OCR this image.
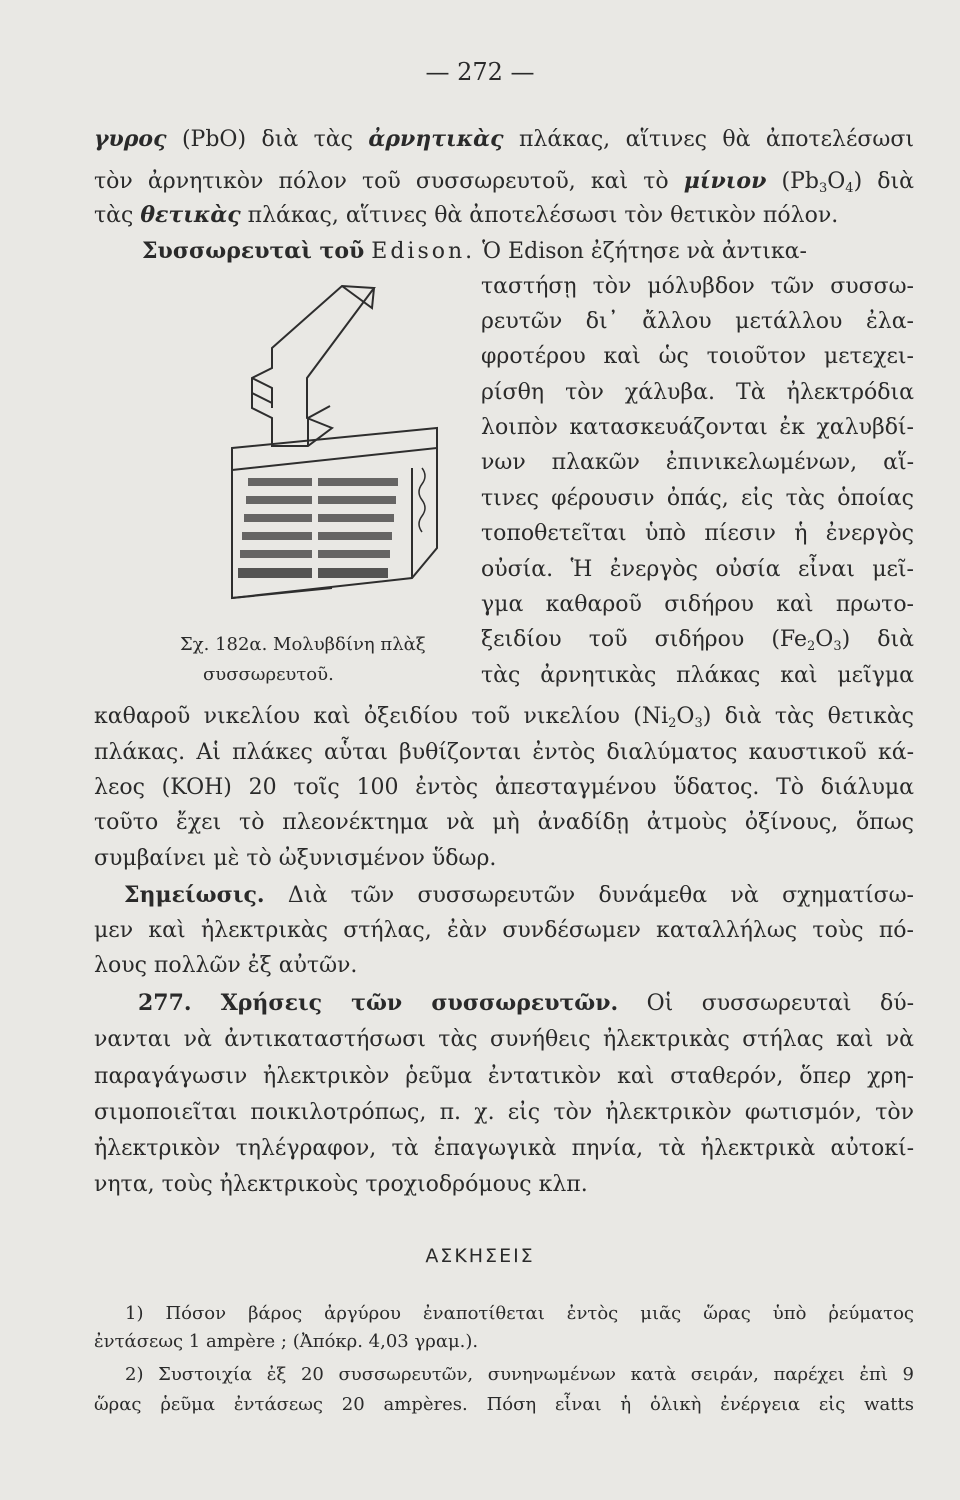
— 272 —
γυρος (PbO) διὰ τὰς ἀρνητικὰς πλάκας, αἵτινες θὰ ἀποτελέσωσι
τὸν ἀρνητικὸν πόλον τοῦ συσσωρευτοῦ, καὶ τὸ μίνιον $(Pb_3O_4)$ διὰ
τὰς θετικὰς πλάκας, αἵτινες θὰ ἀποτελέσωσι τὸν θετικὸν πόλον.
Συσσωρευταὶ τοῦ Edison. Ὁ Edison ἐζήτησε νὰ ἀντικα-
Σχ. 182α. Μολυβδίνη πλὰξ
συσσωρευτοῦ.
ταστήσῃ τὸν μόλυβδον τῶν συσσω-
ρευτῶν δι᾿ ἄλλου μετάλλου ἐλα-
φροτέρου καὶ ὡς τοιοῦτον μετεχει-
ρίσθη τὸν χάλυβα. Τὰ ἠλεκτρόδια
λοιπὸν κατασκευάζονται ἐκ χαλυβδί-
νων πλακῶν ἐπινικελωμένων, αἵ-
τινες φέρουσιν ὀπάς, εἰς τὰς ὁποίας
τοποθετεῖται ὑπὸ πίεσιν ἡ ἐνεργὸς
οὐσία. Ἡ ἐνεργὸς οὐσία εἶναι μεῖ-
γμα καθαροῦ σιδήρου καὶ πρωτο-
ξειδίου τοῦ σιδήρου $(Fe_2O_3)$ διὰ
τὰς ἀρνητικὰς πλάκας καὶ μεῖγμα
καθαροῦ νικελίου καὶ ὀξειδίου τοῦ νικελίου $(Ni_2O_3)$ διὰ τὰς θετικὰς
πλάκας. Αἱ πλάκες αὗται βυθίζονται ἐντὸς διαλύματος καυστικοῦ κά-
λεος (KOH) 20 τοῖς 100 ἐντὸς ἀπεσταγμένου ὕδατος. Τὸ διάλυμα
τοῦτο ἔχει τὸ πλεονέκτημα νὰ μὴ ἀναδίδῃ ἀτμοὺς ὀξίνους, ὅπως
συμβαίνει μὲ τὸ ὠξυνισμένον ὕδωρ.
Σημείωσις. Διὰ τῶν συσσωρευτῶν δυνάμεθα νὰ σχηματίσω-
μεν καὶ ἠλεκτρικὰς στήλας, ἐὰν συνδέσωμεν καταλλήλως τοὺς πό-
λους πολλῶν ἐξ αὐτῶν.
277. Χρήσεις τῶν συσσωρευτῶν. Οἱ συσσωρευταὶ δύ-
νανται νὰ ἀντικαταστήσωσι τὰς συνήθεις ἠλεκτρικὰς στήλας καὶ νὰ
παραγάγωσιν ἠλεκτρικὸν ῥεῦμα ἐντατικὸν καὶ σταθερόν, ὅπερ χρη-
σιμοποιεῖται ποικιλοτρόπως, π. χ. εἰς τὸν ἠλεκτρικὸν φωτισμόν, τὸν
ἠλεκτρικὸν τηλέγραφον, τὰ ἐπαγωγικὰ πηνία, τὰ ἠλεκτρικὰ αὐτοκί-
νητα, τοὺς ἠλεκτρικοὺς τροχιοδρόμους κλπ.
ΑΣΚΗΣΕΙΣ
1) Πόσον βάρος ἀργύρου ἐναποτίθεται ἐντὸς μιᾶς ὥρας ὑπὸ ῥεύματος
ἐντάσεως 1 ampère ; (Ἀπόκρ. 4,03 γραμ.).
2) Συστοιχία ἐξ 20 συσσωρευτῶν, συνηνωμένων κατὰ σειράν, παρέχει ἐπὶ 9
ὥρας ῥεῦμα ἐντάσεως 20 ampères. Πόση εἶναι ἡ ὁλικὴ ἐνέργεια εἰς watts
